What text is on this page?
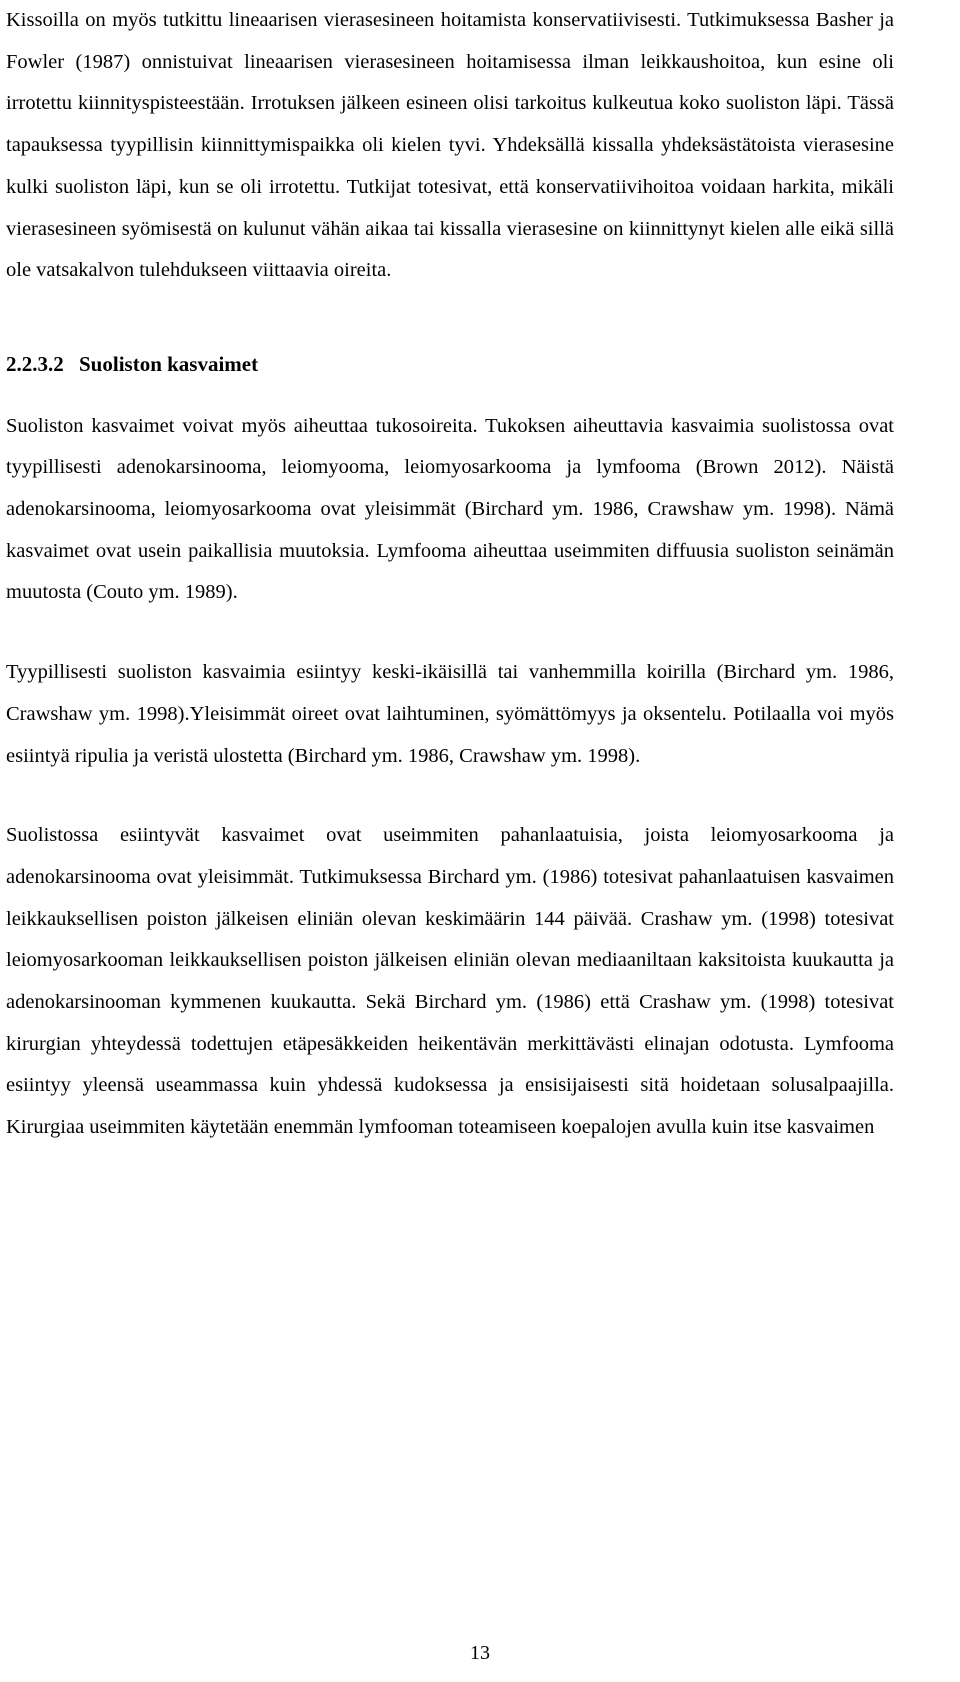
Kissoilla on myös tutkittu lineaarisen vierasesineen hoitamista konservatiivisesti. Tutkimuksessa Basher ja Fowler (1987) onnistuivat lineaarisen vierasesineen hoitamisessa ilman leikkaushoitoa, kun esine oli irrotettu kiinnityspisteestään. Irrotuksen jälkeen esineen olisi tarkoitus kulkeutua koko suoliston läpi. Tässä tapauksessa tyypillisin kiinnittymispaikka oli kielen tyvi. Yhdeksällä kissalla yhdeksästätoista vierasesine kulki suoliston läpi, kun se oli irrotettu. Tutkijat totesivat, että konservatiivihoitoa voidaan harkita, mikäli vierasesineen syömisestä on kulunut vähän aikaa tai kissalla vierasesine on kiinnittynyt kielen alle eikä sillä ole vatsakalvon tulehdukseen viittaavia oireita.

2.2.3.2 Suoliston kasvaimet

Suoliston kasvaimet voivat myös aiheuttaa tukosoireita. Tukoksen aiheuttavia kasvaimia suolistossa ovat tyypillisesti adenokarsinooma, leiomyooma, leiomyosarkooma ja lymfooma (Brown 2012). Näistä adenokarsinooma, leiomyosarkooma ovat yleisimmät (Birchard ym. 1986, Crawshaw ym. 1998). Nämä kasvaimet ovat usein paikallisia muutoksia. Lymfooma aiheuttaa useimmiten diffuusia suoliston seinämän muutosta (Couto ym. 1989).

Tyypillisesti suoliston kasvaimia esiintyy keski-ikäisillä tai vanhemmilla koirilla (Birchard ym. 1986, Crawshaw ym. 1998).Yleisimmät oireet ovat laihtuminen, syömättömyys ja oksentelu. Potilaalla voi myös esiintyä ripulia ja veristä ulostetta (Birchard ym. 1986, Crawshaw ym. 1998).

Suolistossa esiintyvät kasvaimet ovat useimmiten pahanlaatuisia, joista leiomyosarkooma ja adenokarsinooma ovat yleisimmät. Tutkimuksessa Birchard ym. (1986) totesivat pahanlaatuisen kasvaimen leikkauksellisen poiston jälkeisen eliniän olevan keskimäärin 144 päivää. Crashaw ym. (1998) totesivat leiomyosarkooman leikkauksellisen poiston jälkeisen eliniän olevan mediaaniltaan kaksitoista kuukautta ja adenokarsinooman kymmenen kuukautta. Sekä Birchard ym. (1986) että Crashaw ym. (1998) totesivat kirurgian yhteydessä todettujen etäpesäkkeiden heikentävän merkittävästi elinajan odotusta. Lymfooma esiintyy yleensä useammassa kuin yhdessä kudoksessa ja ensisijaisesti sitä hoidetaan solusalpaajilla. Kirurgiaa useimmiten käytetään enemmän lymfooman toteamiseen koepalojen avulla kuin itse kasvaimen

13
